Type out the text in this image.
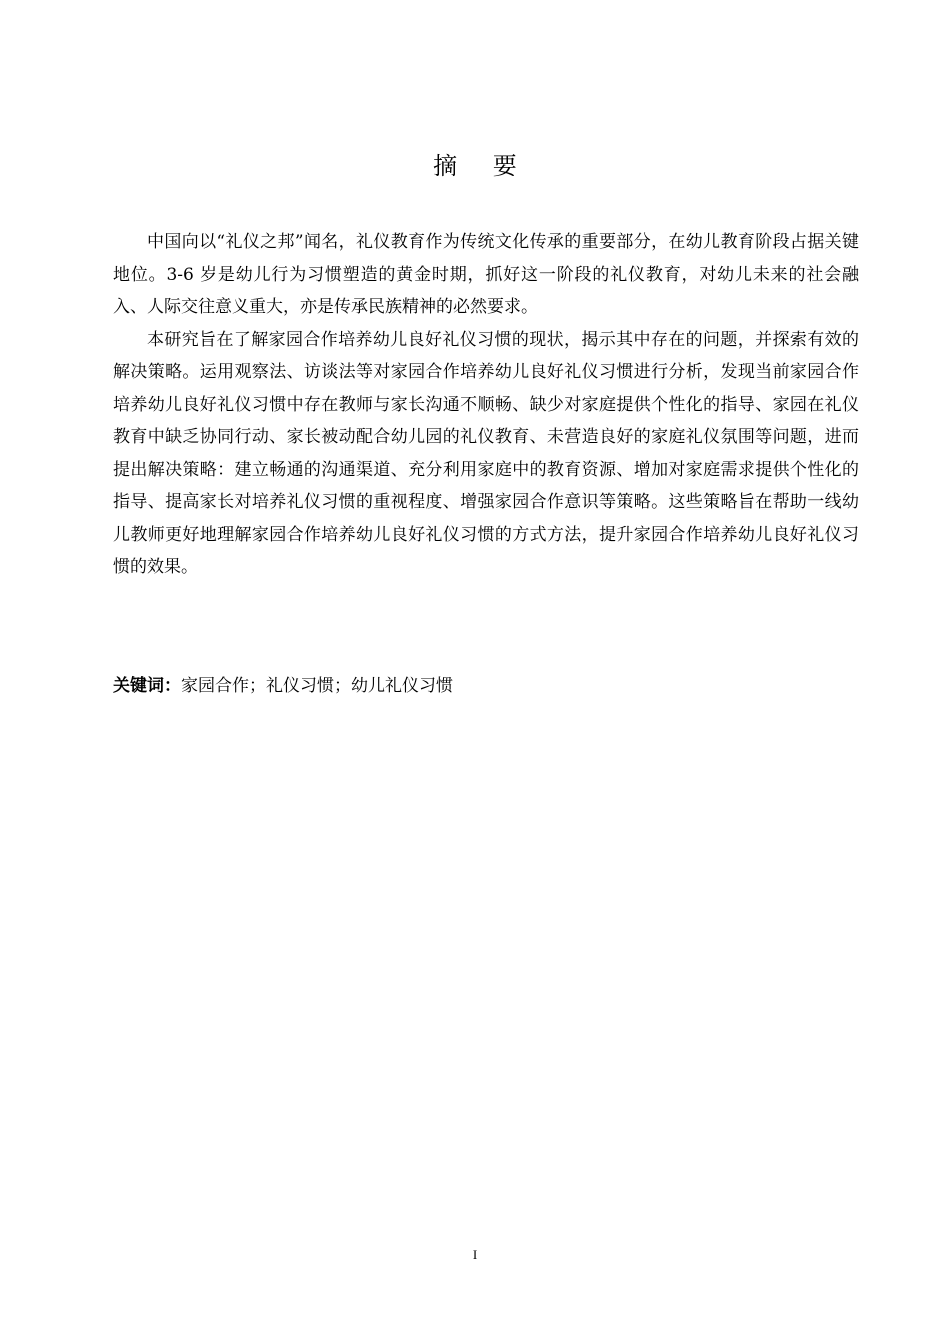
摘 要

中国向以“礼仪之邦”闻名，礼仪教育作为传统文化传承的重要部分，在幼儿教育阶段占据关键地位。3-6 岁是幼儿行为习惯塑造的黄金时期，抓好这一阶段的礼仪教育，对幼儿未来的社会融入、人际交往意义重大，亦是传承民族精神的必然要求。

本研究旨在了解家园合作培养幼儿良好礼仪习惯的现状，揭示其中存在的问题，并探索有效的解决策略。运用观察法、访谈法等对家园合作培养幼儿良好礼仪习惯进行分析，发现当前家园合作培养幼儿良好礼仪习惯中存在教师与家长沟通不顺畅、缺少对家庭提供个性化的指导、家园在礼仪教育中缺乏协同行动、家长被动配合幼儿园的礼仪教育、未营造良好的家庭礼仪氛围等问题，进而提出解决策略：建立畅通的沟通渠道、充分利用家庭中的教育资源、增加对家庭需求提供个性化的指导、提高家长对培养礼仪习惯的重视程度、增强家园合作意识等策略。这些策略旨在帮助一线幼儿教师更好地理解家园合作培养幼儿良好礼仪习惯的方式方法，提升家园合作培养幼儿良好礼仪习惯的效果。

关键词：家园合作；礼仪习惯；幼儿礼仪习惯
I
